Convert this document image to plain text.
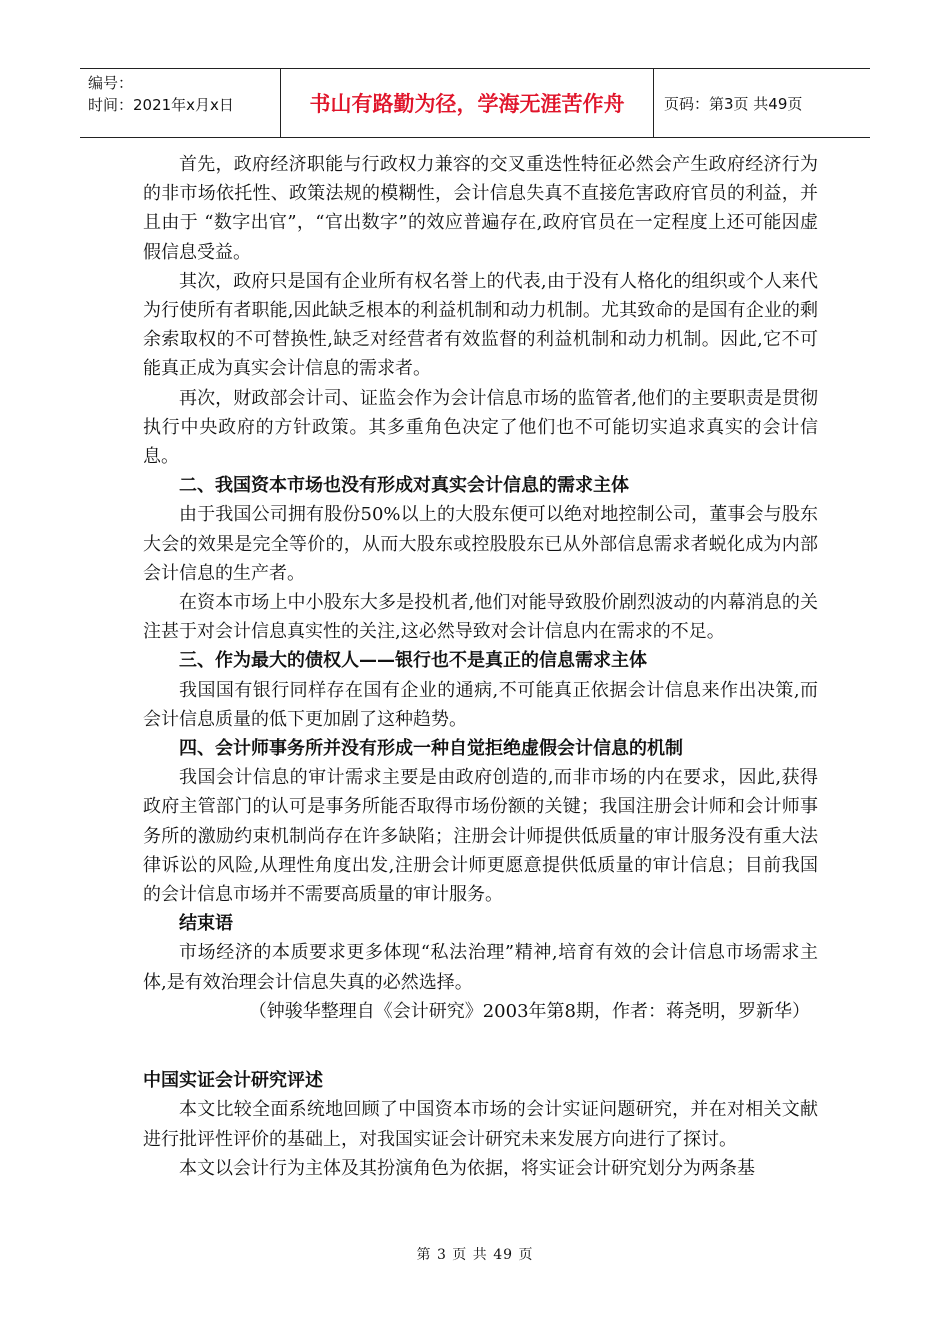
编号：
时间：2021年x月x日	书山有路勤为径，学海无涯苦作舟	页码：第3页 共49页

首先，政府经济职能与行政权力兼容的交叉重迭性特征必然会产生政府经济行为的非市场依托性、政策法规的模糊性，会计信息失真不直接危害政府官员的利益，并且由于 “数字出官”，“官出数字”的效应普遍存在,政府官员在一定程度上还可能因虚假信息受益。

其次，政府只是国有企业所有权名誉上的代表,由于没有人格化的组织或个人来代为行使所有者职能,因此缺乏根本的利益机制和动力机制。尤其致命的是国有企业的剩余索取权的不可替换性,缺乏对经营者有效监督的利益机制和动力机制。因此,它不可能真正成为真实会计信息的需求者。

再次，财政部会计司、证监会作为会计信息市场的监管者,他们的主要职责是贯彻执行中央政府的方针政策。其多重角色决定了他们也不可能切实追求真实的会计信息。

二、我国资本市场也没有形成对真实会计信息的需求主体

由于我国公司拥有股份50%以上的大股东便可以绝对地控制公司，董事会与股东大会的效果是完全等价的，从而大股东或控股股东已从外部信息需求者蜕化成为内部会计信息的生产者。

在资本市场上中小股东大多是投机者,他们对能导致股价剧烈波动的内幕消息的关注甚于对会计信息真实性的关注,这必然导致对会计信息内在需求的不足。

三、作为最大的债权人——银行也不是真正的信息需求主体

我国国有银行同样存在国有企业的通病,不可能真正依据会计信息来作出决策,而会计信息质量的低下更加剧了这种趋势。

四、会计师事务所并没有形成一种自觉拒绝虚假会计信息的机制

我国会计信息的审计需求主要是由政府创造的,而非市场的内在要求，因此,获得政府主管部门的认可是事务所能否取得市场份额的关键；我国注册会计师和会计师事务所的激励约束机制尚存在许多缺陷；注册会计师提供低质量的审计服务没有重大法律诉讼的风险,从理性角度出发,注册会计师更愿意提供低质量的审计信息；目前我国的会计信息市场并不需要高质量的审计服务。

结束语

市场经济的本质要求更多体现“私法治理”精神,培育有效的会计信息市场需求主体,是有效治理会计信息失真的必然选择。

（钟骏华整理自《会计研究》2003年第8期，作者：蒋尧明，罗新华）

中国实证会计研究评述

本文比较全面系统地回顾了中国资本市场的会计实证问题研究，并在对相关文献进行批评性评价的基础上，对我国实证会计研究未来发展方向进行了探讨。

本文以会计行为主体及其扮演角色为依据，将实证会计研究划分为两条基

第 3 页 共 49 页
